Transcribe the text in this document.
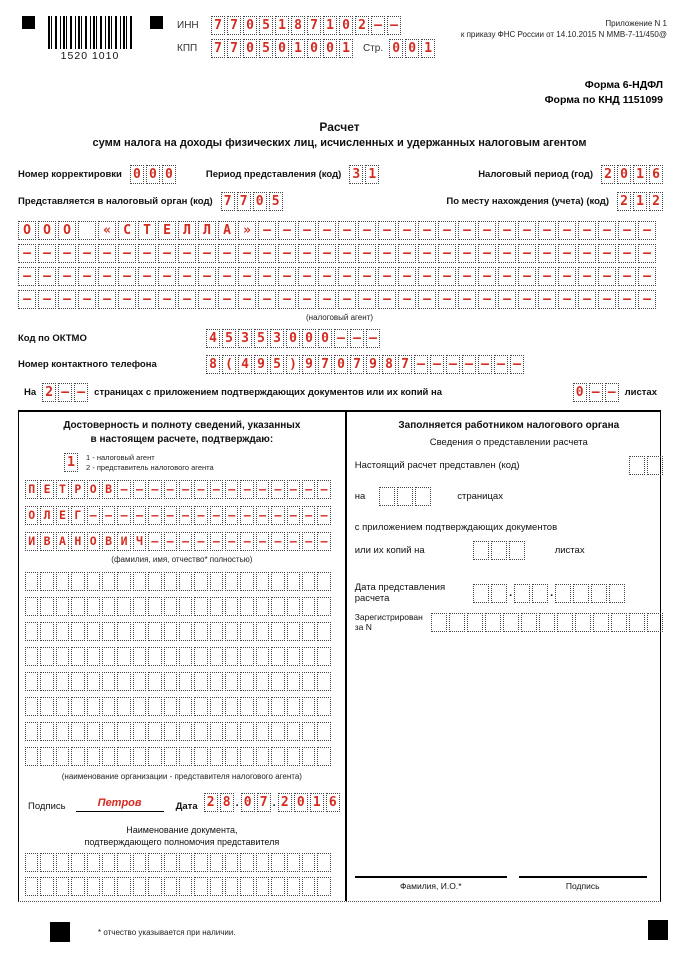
1520 1010
ИНН	7 7 0 5 1 8 7 1 0 2 – –
КПП	7 7 0 5 0 1 0 0 1	Стр. 0 0 1
Приложение N 1
к приказу ФНС России от 14.10.2015 N ММВ-7-11/450@
Форма 6-НДФЛ
Форма по КНД 1151099
Расчет
сумм налога на доходы физических лиц, исчисленных и удержанных налоговым агентом
Номер корректировки 0 0 0	Период представления (код) 3 1	Налоговый период (год) 2 0 1 6
Представляется в налоговый орган (код) 7 7 0 5	По месту нахождения (учета) (код) 2 1 2
О О О	« С Т Е Л Л А » – – – – – – – – – – – – – – – – – – – –
– – – – – – – – – – – – – – – – – – – – – – – – – – – – – – – –
– – – – – – – – – – – – – – – – – – – – – – – – – – – – – – – –
– – – – – – – – – – – – – – – – – – – – – – – – – – – – – – – –
(налоговый агент)
Код по ОКТМО	4 5 3 5 3 0 0 0 – – –
Номер контактного телефона	8 ( 4 9 5 ) 9 7 0 7 9 8 7 – – – – – – –
На 2 – – страницах с приложением подтверждающих документов или их копий на	0 – – листах
Достоверность и полноту сведений, указанных
в настоящем расчете, подтверждаю:
1	1 - налоговый агент
2 - представитель налогового агента
П Е Т Р О В – – – – – – – – – – – – – –
О Л Е Г – – – – – – – – – – – – – – – –
И В А Н О В И Ч – – – – – – – – – – – –
(фамилия, имя, отчество* полностью)
(наименование организации - представителя налогового агента)
Подпись	Петров	Дата 2 8 . 0 7 . 2 0 1 6
Наименование документа,
подтверждающего полномочия представителя
Заполняется работником налогового органа
Сведения о представлении расчета
Настоящий расчет представлен (код)
на	страницах
с приложением подтверждающих документов
или их копий на	листах
Дата представления
расчета	.	.
Зарегистрирован
за N
Фамилия, И.О.*	Подпись
* отчество указывается при наличии.
